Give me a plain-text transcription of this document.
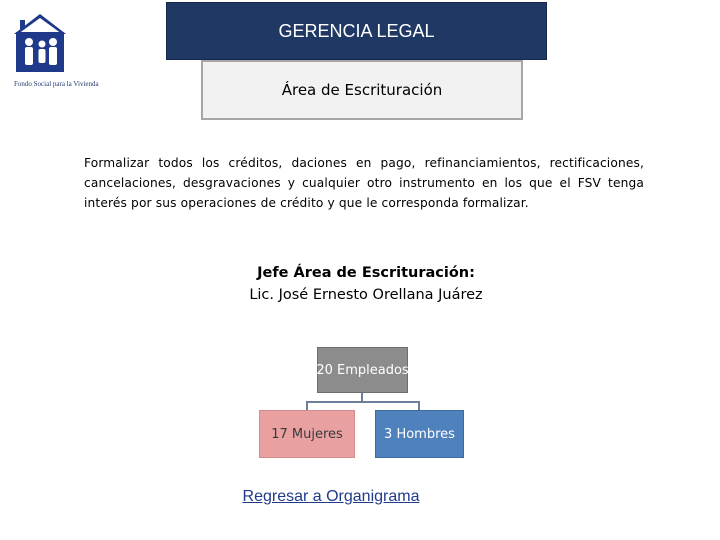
Fondo Social para la Vivienda
GERENCIA LEGAL
Área de Escrituración
Formalizar todos los créditos, daciones en pago, refinanciamientos, rectificaciones, cancelaciones, desgravaciones y cualquier otro instrumento en los que el FSV tenga interés por sus operaciones de crédito y que le corresponda formalizar.
Jefe Área de Escrituración:
Lic. José Ernesto Orellana Juárez
20 Empleados
17 Mujeres	3 Hombres
Regresar a Organigrama
